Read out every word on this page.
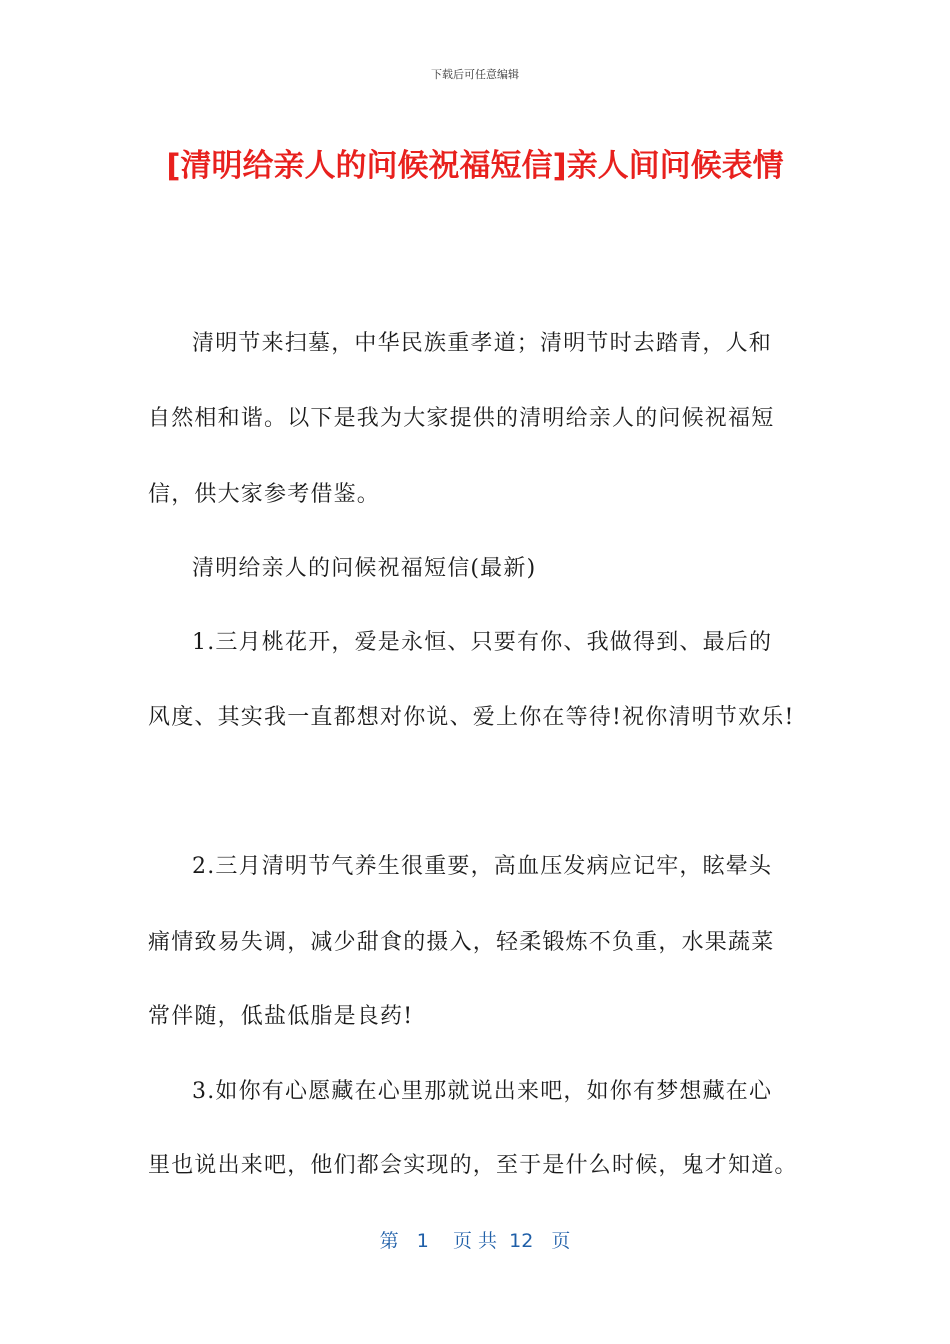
下载后可任意编辑
[清明给亲人的问候祝福短信]亲人间问候表情
清明节来扫墓，中华民族重孝道；清明节时去踏青，人和
自然相和谐。以下是我为大家提供的清明给亲人的问候祝福短
信，供大家参考借鉴。
清明给亲人的问候祝福短信(最新)
1.三月桃花开，爱是永恒、只要有你、我做得到、最后的
风度、其实我一直都想对你说、爱上你在等待!祝你清明节欢乐!
2.三月清明节气养生很重要，高血压发病应记牢，眩晕头
痛情致易失调，减少甜食的摄入，轻柔锻炼不负重，水果蔬菜
常伴随，低盐低脂是良药!
3.如你有心愿藏在心里那就说出来吧，如你有梦想藏在心
里也说出来吧，他们都会实现的，至于是什么时候，鬼才知道。
第 1 页 共 12 页
